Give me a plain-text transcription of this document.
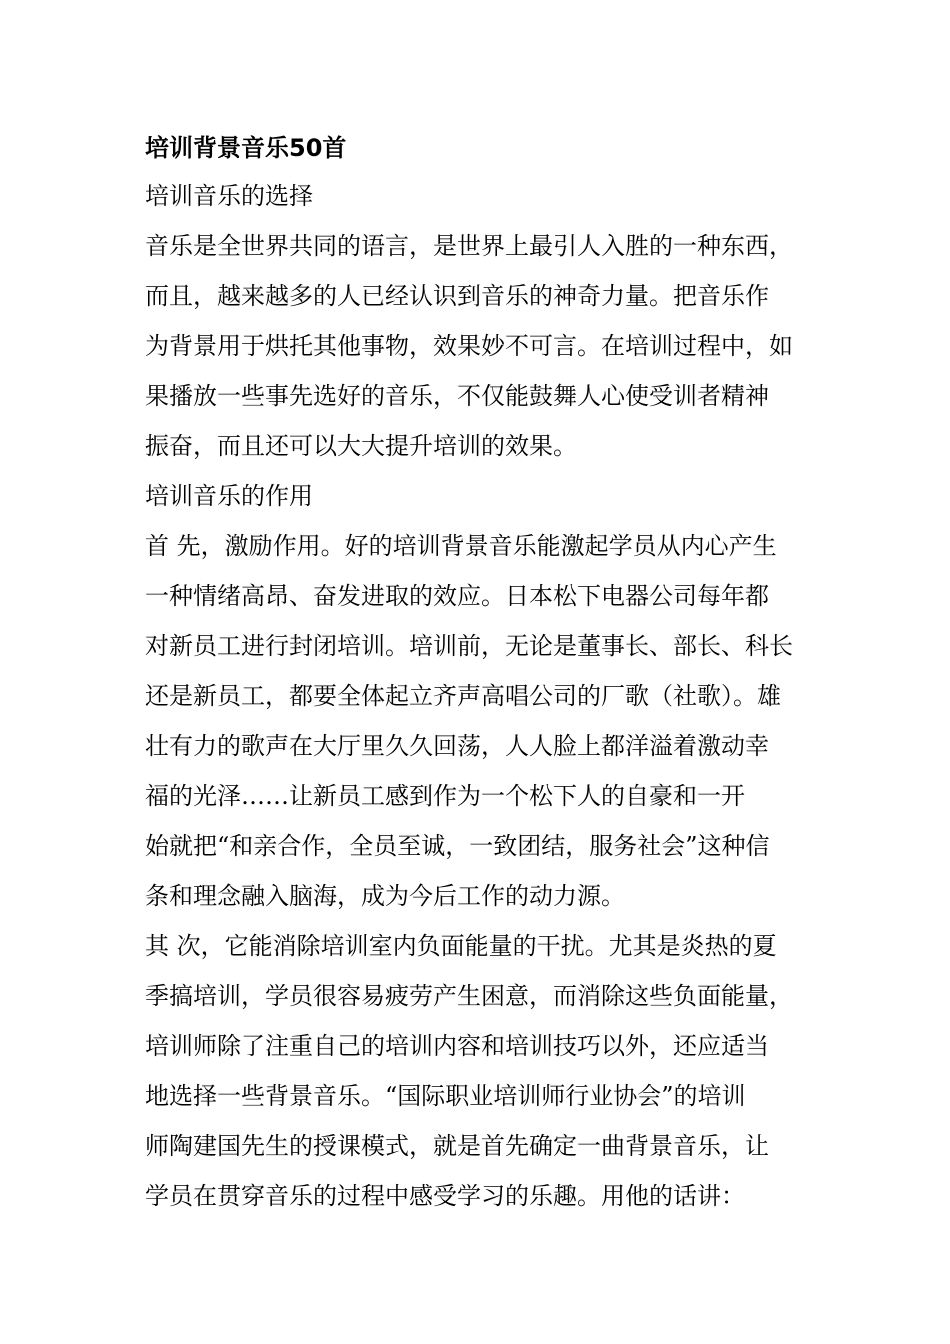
培训背景音乐50首
培训音乐的选择

音乐是全世界共同的语言，是世界上最引人入胜的一种东西，
而且，越来越多的人已经认识到音乐的神奇力量。把音乐作
为背景用于烘托其他事物，效果妙不可言。在培训过程中，如
果播放一些事先选好的音乐，不仅能鼓舞人心使受训者精神
振奋，而且还可以大大提升培训的效果。

培训音乐的作用

首 先，激励作用。好的培训背景音乐能激起学员从内心产生
一种情绪高昂、奋发进取的效应。日本松下电器公司每年都
对新员工进行封闭培训。培训前，无论是董事长、部长、科长
还是新员工，都要全体起立齐声高唱公司的厂歌（社歌）。雄
壮有力的歌声在大厅里久久回荡，人人脸上都洋溢着激动幸
福的光泽……让新员工感到作为一个松下人的自豪和一开
始就把“和亲合作，全员至诚，一致团结，服务社会”这种信
条和理念融入脑海，成为今后工作的动力源。

其 次，它能消除培训室内负面能量的干扰。尤其是炎热的夏
季搞培训，学员很容易疲劳产生困意，而消除这些负面能量，
培训师除了注重自己的培训内容和培训技巧以外，还应适当
地选择一些背景音乐。“国际职业培训师行业协会”的培训
师陶建国先生的授课模式，就是首先确定一曲背景音乐，让
学员在贯穿音乐的过程中感受学习的乐趣。用他的话讲：
